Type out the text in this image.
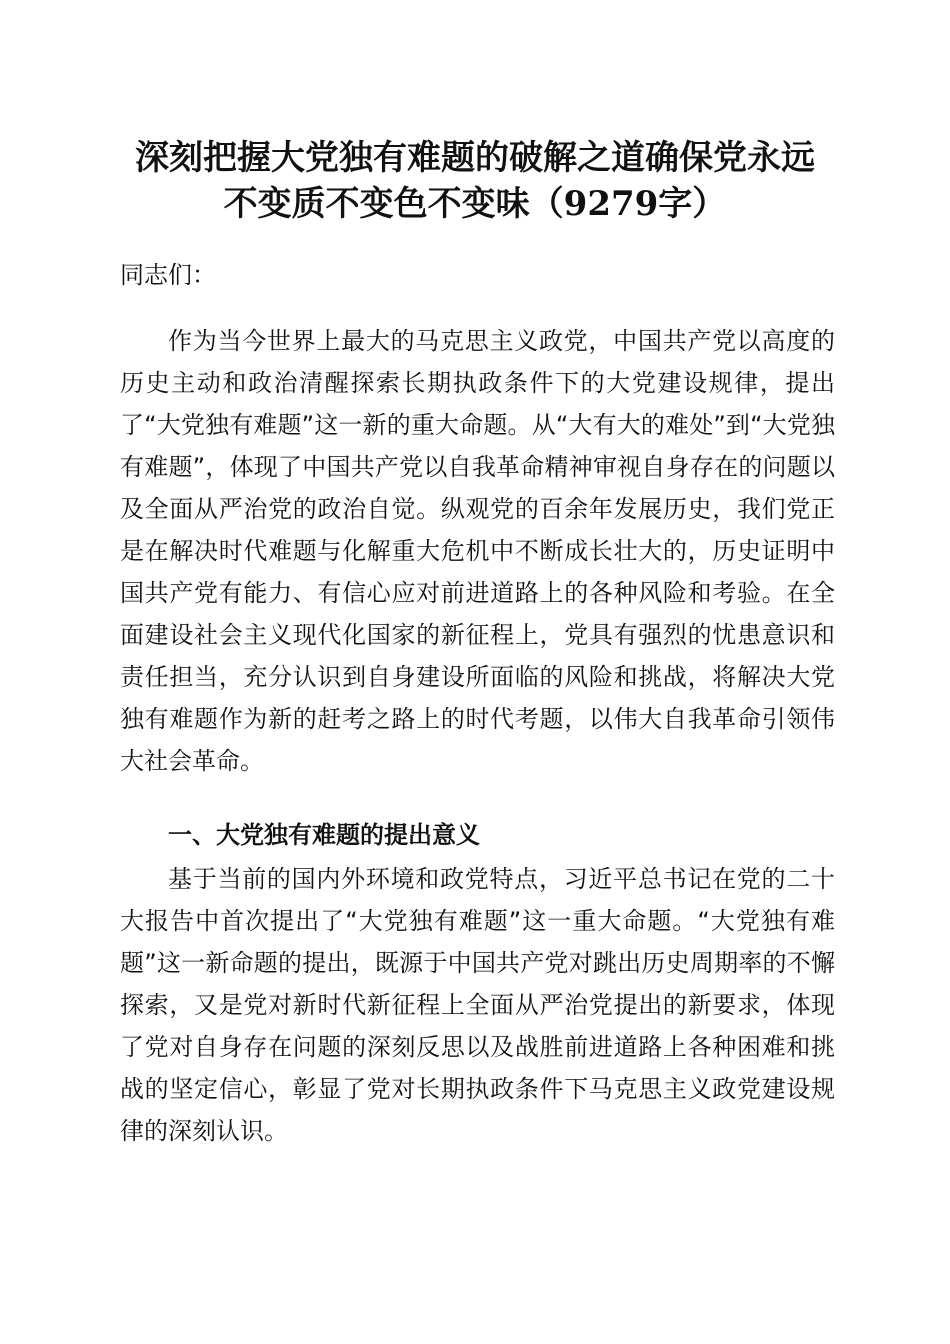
深刻把握大党独有难题的破解之道确保党永远
不变质不变色不变味（9279字）

同志们：

作为当今世界上最大的马克思主义政党，中国共产党以高度的历史主动和政治清醒探索长期执政条件下的大党建设规律，提出了“大党独有难题”这一新的重大命题。从“大有大的难处”到“大党独有难题”，体现了中国共产党以自我革命精神审视自身存在的问题以及全面从严治党的政治自觉。纵观党的百余年发展历史，我们党正是在解决时代难题与化解重大危机中不断成长壮大的，历史证明中国共产党有能力、有信心应对前进道路上的各种风险和考验。在全面建设社会主义现代化国家的新征程上，党具有强烈的忧患意识和责任担当，充分认识到自身建设所面临的风险和挑战，将解决大党独有难题作为新的赶考之路上的时代考题，以伟大自我革命引领伟大社会革命。

一、大党独有难题的提出意义

基于当前的国内外环境和政党特点，习近平总书记在党的二十大报告中首次提出了“大党独有难题”这一重大命题。“大党独有难题”这一新命题的提出，既源于中国共产党对跳出历史周期率的不懈探索，又是党对新时代新征程上全面从严治党提出的新要求，体现了党对自身存在问题的深刻反思以及战胜前进道路上各种困难和挑战的坚定信心，彰显了党对长期执政条件下马克思主义政党建设规律的深刻认识。
